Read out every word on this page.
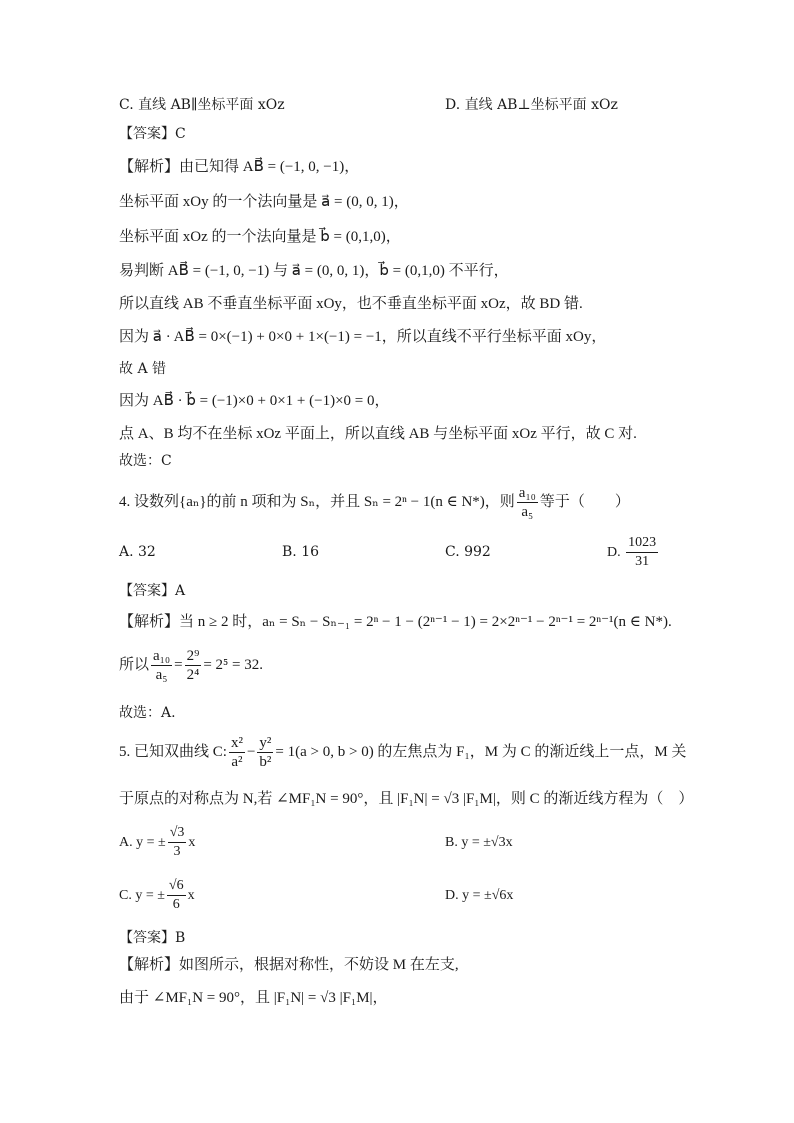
C. 直线 AB∥坐标平面 xOz	D. 直线 AB⊥坐标平面 xOz
【答案】C
【解析】由已知得 AB⃗ = (−1, 0, −1)，
坐标平面 xOy 的一个法向量是 a⃗ = (0, 0, 1)，
坐标平面 xOz 的一个法向量是 b⃗ = (0,1,0)，
易判断 AB⃗ = (−1, 0, −1) 与 a⃗ = (0, 0, 1)，b⃗ = (0,1,0) 不平行，
所以直线 AB 不垂直坐标平面 xOy，也不垂直坐标平面 xOz，故 BD 错.
因为 a⃗ · AB⃗ = 0×(−1) + 0×0 + 1×(−1) = −1，所以直线不平行坐标平面 xOy，
故 A 错
因为 AB⃗ · b⃗ = (−1)×0 + 0×1 + (−1)×0 = 0，
点 A、B 均不在坐标 xOz 平面上，所以直线 AB 与坐标平面 xOz 平行，故 C 对.
故选：C
4. 设数列{aₙ}的前 n 项和为 Sₙ，并且 Sₙ = 2ⁿ − 1(n ∈ N*)，则 $\frac{\text{a₁₀}}{\text{a₅}}$ 等于（　　）
A. 32	B. 16	C. 992	D. $\frac{1023}{31}$
【答案】A
【解析】当 n ≥ 2 时，aₙ = Sₙ − Sₙ₋₁ = 2ⁿ − 1 − (2ⁿ⁻¹ − 1) = 2×2ⁿ⁻¹ − 2ⁿ⁻¹ = 2ⁿ⁻¹(n ∈ N*).
所以 $\frac{\text{a₁₀}}{\text{a₅}} = \frac{\text{2⁹}}{\text{2⁴}} = 2^5 = 32$.
故选：A.
5. 已知双曲线 C: $\frac{\text{x²}}{\text{a²}} - \frac{\text{y²}}{\text{b²}} = 1(a > 0$, b > 0) 的左焦点为 F₁，M 为 C 的渐近线上一点，M 关
于原点的对称点为 N,若 ∠MF₁N = 90°，且 |F₁N| = √3 |F₁M|，则 C 的渐近线方程为（　）
A. y = ± $\frac{√3}{3}$ x	B. y = ±√3x
C. y = ± $\frac{√6}{6}$ x	D. y = ±√6x
【答案】B
【解析】如图所示，根据对称性，不妨设 M 在左支,
由于 ∠MF₁N = 90°，且 |F₁N| = √3 |F₁M|，
